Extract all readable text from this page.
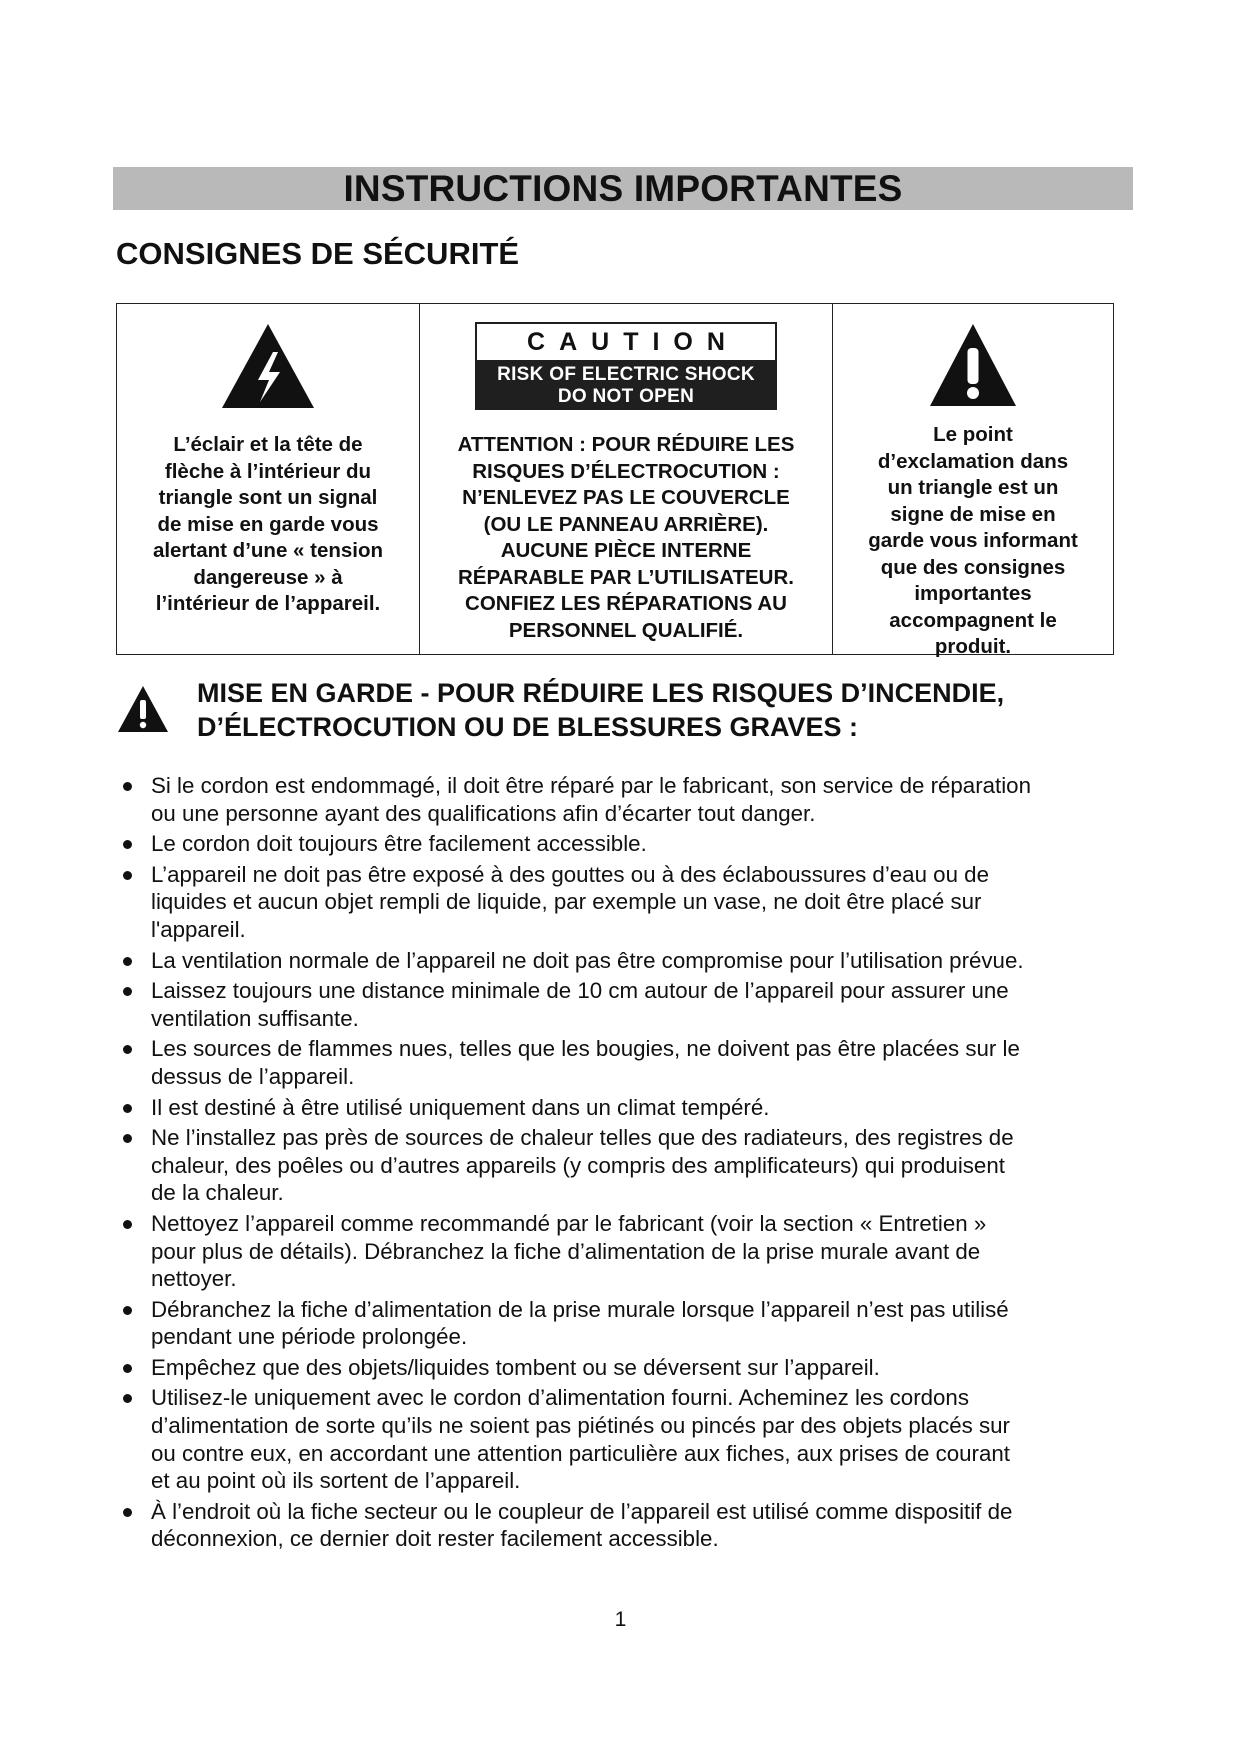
INSTRUCTIONS IMPORTANTES
CONSIGNES DE SÉCURITÉ
L’éclair et la tête de
flèche à l’intérieur du
triangle sont un signal
de mise en garde vous
alertant d’une « tension
dangereuse » à
l’intérieur de l’appareil.
CAUTION
RISK OF ELECTRIC SHOCK
DO NOT OPEN
ATTENTION : POUR RÉDUIRE LES
RISQUES D’ÉLECTROCUTION :
N’ENLEVEZ PAS LE COUVERCLE
(OU LE PANNEAU ARRIÈRE).
AUCUNE PIÈCE INTERNE
RÉPARABLE PAR L’UTILISATEUR.
CONFIEZ LES RÉPARATIONS AU
PERSONNEL QUALIFIÉ.
Le point
d’exclamation dans
un triangle est un
signe de mise en
garde vous informant
que des consignes
importantes
accompagnent le
produit.
MISE EN GARDE - POUR RÉDUIRE LES RISQUES D’INCENDIE,
D’ÉLECTROCUTION OU DE BLESSURES GRAVES :
Si le cordon est endommagé, il doit être réparé par le fabricant, son service de réparation
ou une personne ayant des qualifications afin d’écarter tout danger.
Le cordon doit toujours être facilement accessible.
L’appareil ne doit pas être exposé à des gouttes ou à des éclaboussures d’eau ou de
liquides et aucun objet rempli de liquide, par exemple un vase, ne doit être placé sur
l'appareil.
La ventilation normale de l’appareil ne doit pas être compromise pour l’utilisation prévue.
Laissez toujours une distance minimale de 10 cm autour de l’appareil pour assurer une
ventilation suffisante.
Les sources de flammes nues, telles que les bougies, ne doivent pas être placées sur le
dessus de l’appareil.
Il est destiné à être utilisé uniquement dans un climat tempéré.
Ne l’installez pas près de sources de chaleur telles que des radiateurs, des registres de
chaleur, des poêles ou d’autres appareils (y compris des amplificateurs) qui produisent
de la chaleur.
Nettoyez l’appareil comme recommandé par le fabricant (voir la section « Entretien »
pour plus de détails). Débranchez la fiche d’alimentation de la prise murale avant de
nettoyer.
Débranchez la fiche d’alimentation de la prise murale lorsque l’appareil n’est pas utilisé
pendant une période prolongée.
Empêchez que des objets/liquides tombent ou se déversent sur l’appareil.
Utilisez-le uniquement avec le cordon d’alimentation fourni. Acheminez les cordons
d’alimentation de sorte qu’ils ne soient pas piétinés ou pincés par des objets placés sur
ou contre eux, en accordant une attention particulière aux fiches, aux prises de courant
et au point où ils sortent de l’appareil.
À l’endroit où la fiche secteur ou le coupleur de l’appareil est utilisé comme dispositif de
déconnexion, ce dernier doit rester facilement accessible.
1
